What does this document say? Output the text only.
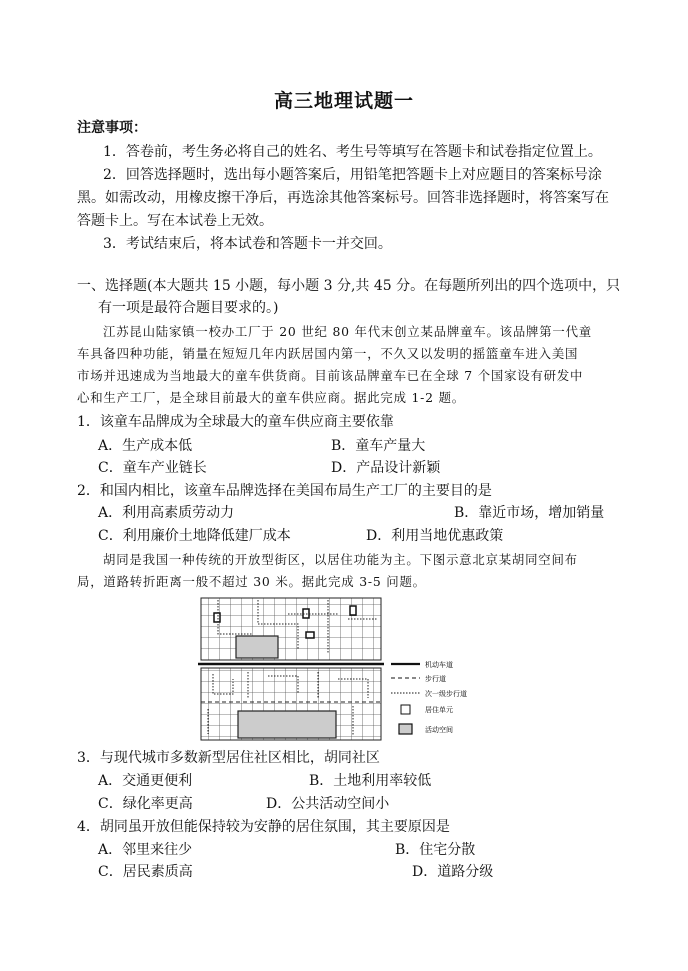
高三地理试题一
注意事项：
1．答卷前，考生务必将自己的姓名、考生号等填写在答题卡和试卷指定位置上。
2．回答选择题时，选出每小题答案后，用铅笔把答题卡上对应题目的答案标号涂
黑。如需改动，用橡皮擦干净后，再选涂其他答案标号。回答非选择题时，将答案写在
答题卡上。写在本试卷上无效。
3．考试结束后，将本试卷和答题卡一并交回。
一、选择题(本大题共 15 小题，每小题 3 分,共 45 分。在每题所列出的四个选项中，只
有一项是最符合题目要求的。)
江苏昆山陆家镇一校办工厂于 20 世纪 80 年代末创立某品牌童车。该品牌第一代童
车具备四种功能，销量在短短几年内跃居国内第一，不久又以发明的摇篮童车进入美国
市场并迅速成为当地最大的童车供货商。目前该品牌童车已在全球 7 个国家设有研发中
心和生产工厂，是全球目前最大的童车供应商。据此完成 1-2 题。
1．该童车品牌成为全球最大的童车供应商主要依靠
A．生产成本低	B．童车产量大
C．童车产业链长	D．产品设计新颖
2．和国内相比，该童车品牌选择在美国布局生产工厂的主要目的是
A．利用高素质劳动力	B．靠近市场，增加销量
C．利用廉价土地降低建厂成本	D．利用当地优惠政策
胡同是我国一种传统的开放型街区，以居住功能为主。下图示意北京某胡同空间布
局，道路转折距离一般不超过 30 米。据此完成 3-5 问题。
机动车道
步行道
次一级步行道
居住单元
活动空间
3．与现代城市多数新型居住社区相比，胡同社区
A．交通更便利	B．土地利用率较低
C．绿化率更高	D．公共活动空间小
4．胡同虽开放但能保持较为安静的居住氛围，其主要原因是
A．邻里来往少	B．住宅分散
C．居民素质高	D．道路分级
